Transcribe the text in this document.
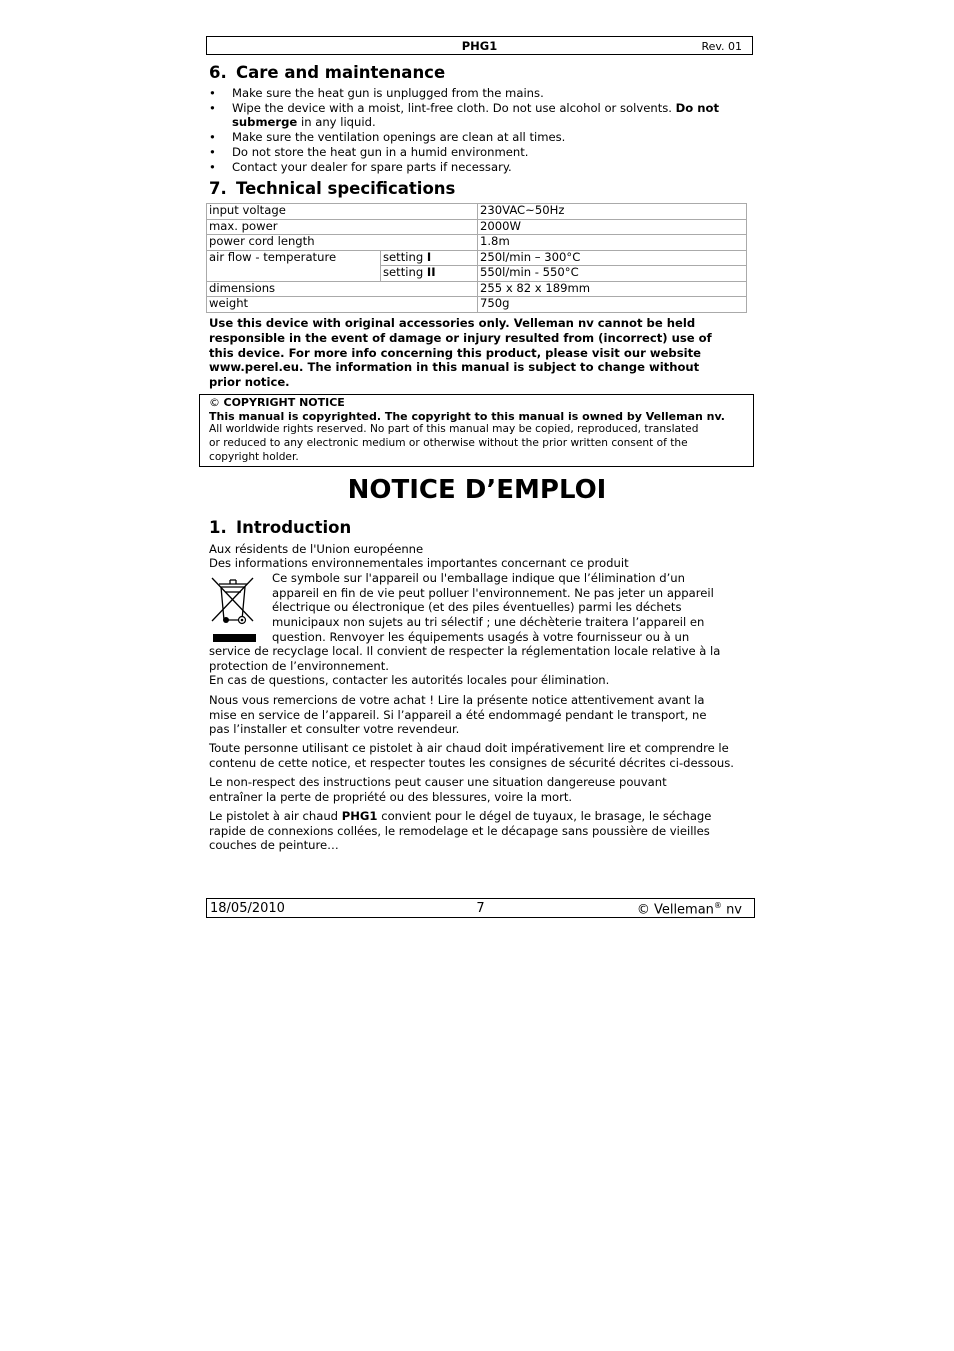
PHG1	Rev. 01
6. Care and maintenance
• Make sure the heat gun is unplugged from the mains.
• Wipe the device with a moist, lint-free cloth. Do not use alcohol or solvents. Do not
submerge in any liquid.
• Make sure the ventilation openings are clean at all times.
• Do not store the heat gun in a humid environment.
• Contact your dealer for spare parts if necessary.
7. Technical specifications
input voltage		230VAC~50Hz
max. power		2000W
power cord length		1.8m
air flow - temperature	setting I	250l/min – 300°C
	setting II	550l/min - 550°C
dimensions		255 x 82 x 189mm
weight		750g
Use this device with original accessories only. Velleman nv cannot be held
responsible in the event of damage or injury resulted from (incorrect) use of
this device. For more info concerning this product, please visit our website
www.perel.eu. The information in this manual is subject to change without
prior notice.
© COPYRIGHT NOTICE
This manual is copyrighted. The copyright to this manual is owned by Velleman nv.
All worldwide rights reserved. No part of this manual may be copied, reproduced, translated
or reduced to any electronic medium or otherwise without the prior written consent of the
copyright holder.
NOTICE D’EMPLOI
1. Introduction
Aux résidents de l'Union européenne
Des informations environnementales importantes concernant ce produit
Ce symbole sur l'appareil ou l'emballage indique que l’élimination d’un
appareil en fin de vie peut polluer l'environnement. Ne pas jeter un appareil
électrique ou électronique (et des piles éventuelles) parmi les déchets
municipaux non sujets au tri sélectif ; une déchèterie traitera l’appareil en
question. Renvoyer les équipements usagés à votre fournisseur ou à un
service de recyclage local. Il convient de respecter la réglementation locale relative à la
protection de l’environnement.
En cas de questions, contacter les autorités locales pour élimination.
Nous vous remercions de votre achat ! Lire la présente notice attentivement avant la
mise en service de l’appareil. Si l’appareil a été endommagé pendant le transport, ne
pas l’installer et consulter votre revendeur.
Toute personne utilisant ce pistolet à air chaud doit impérativement lire et comprendre le
contenu de cette notice, et respecter toutes les consignes de sécurité décrites ci-dessous.
Le non-respect des instructions peut causer une situation dangereuse pouvant
entraîner la perte de propriété ou des blessures, voire la mort.
Le pistolet à air chaud PHG1 convient pour le dégel de tuyaux, le brasage, le séchage
rapide de connexions collées, le remodelage et le décapage sans poussière de vieilles
couches de peinture…
18/05/2010	7	© Velleman® nv
